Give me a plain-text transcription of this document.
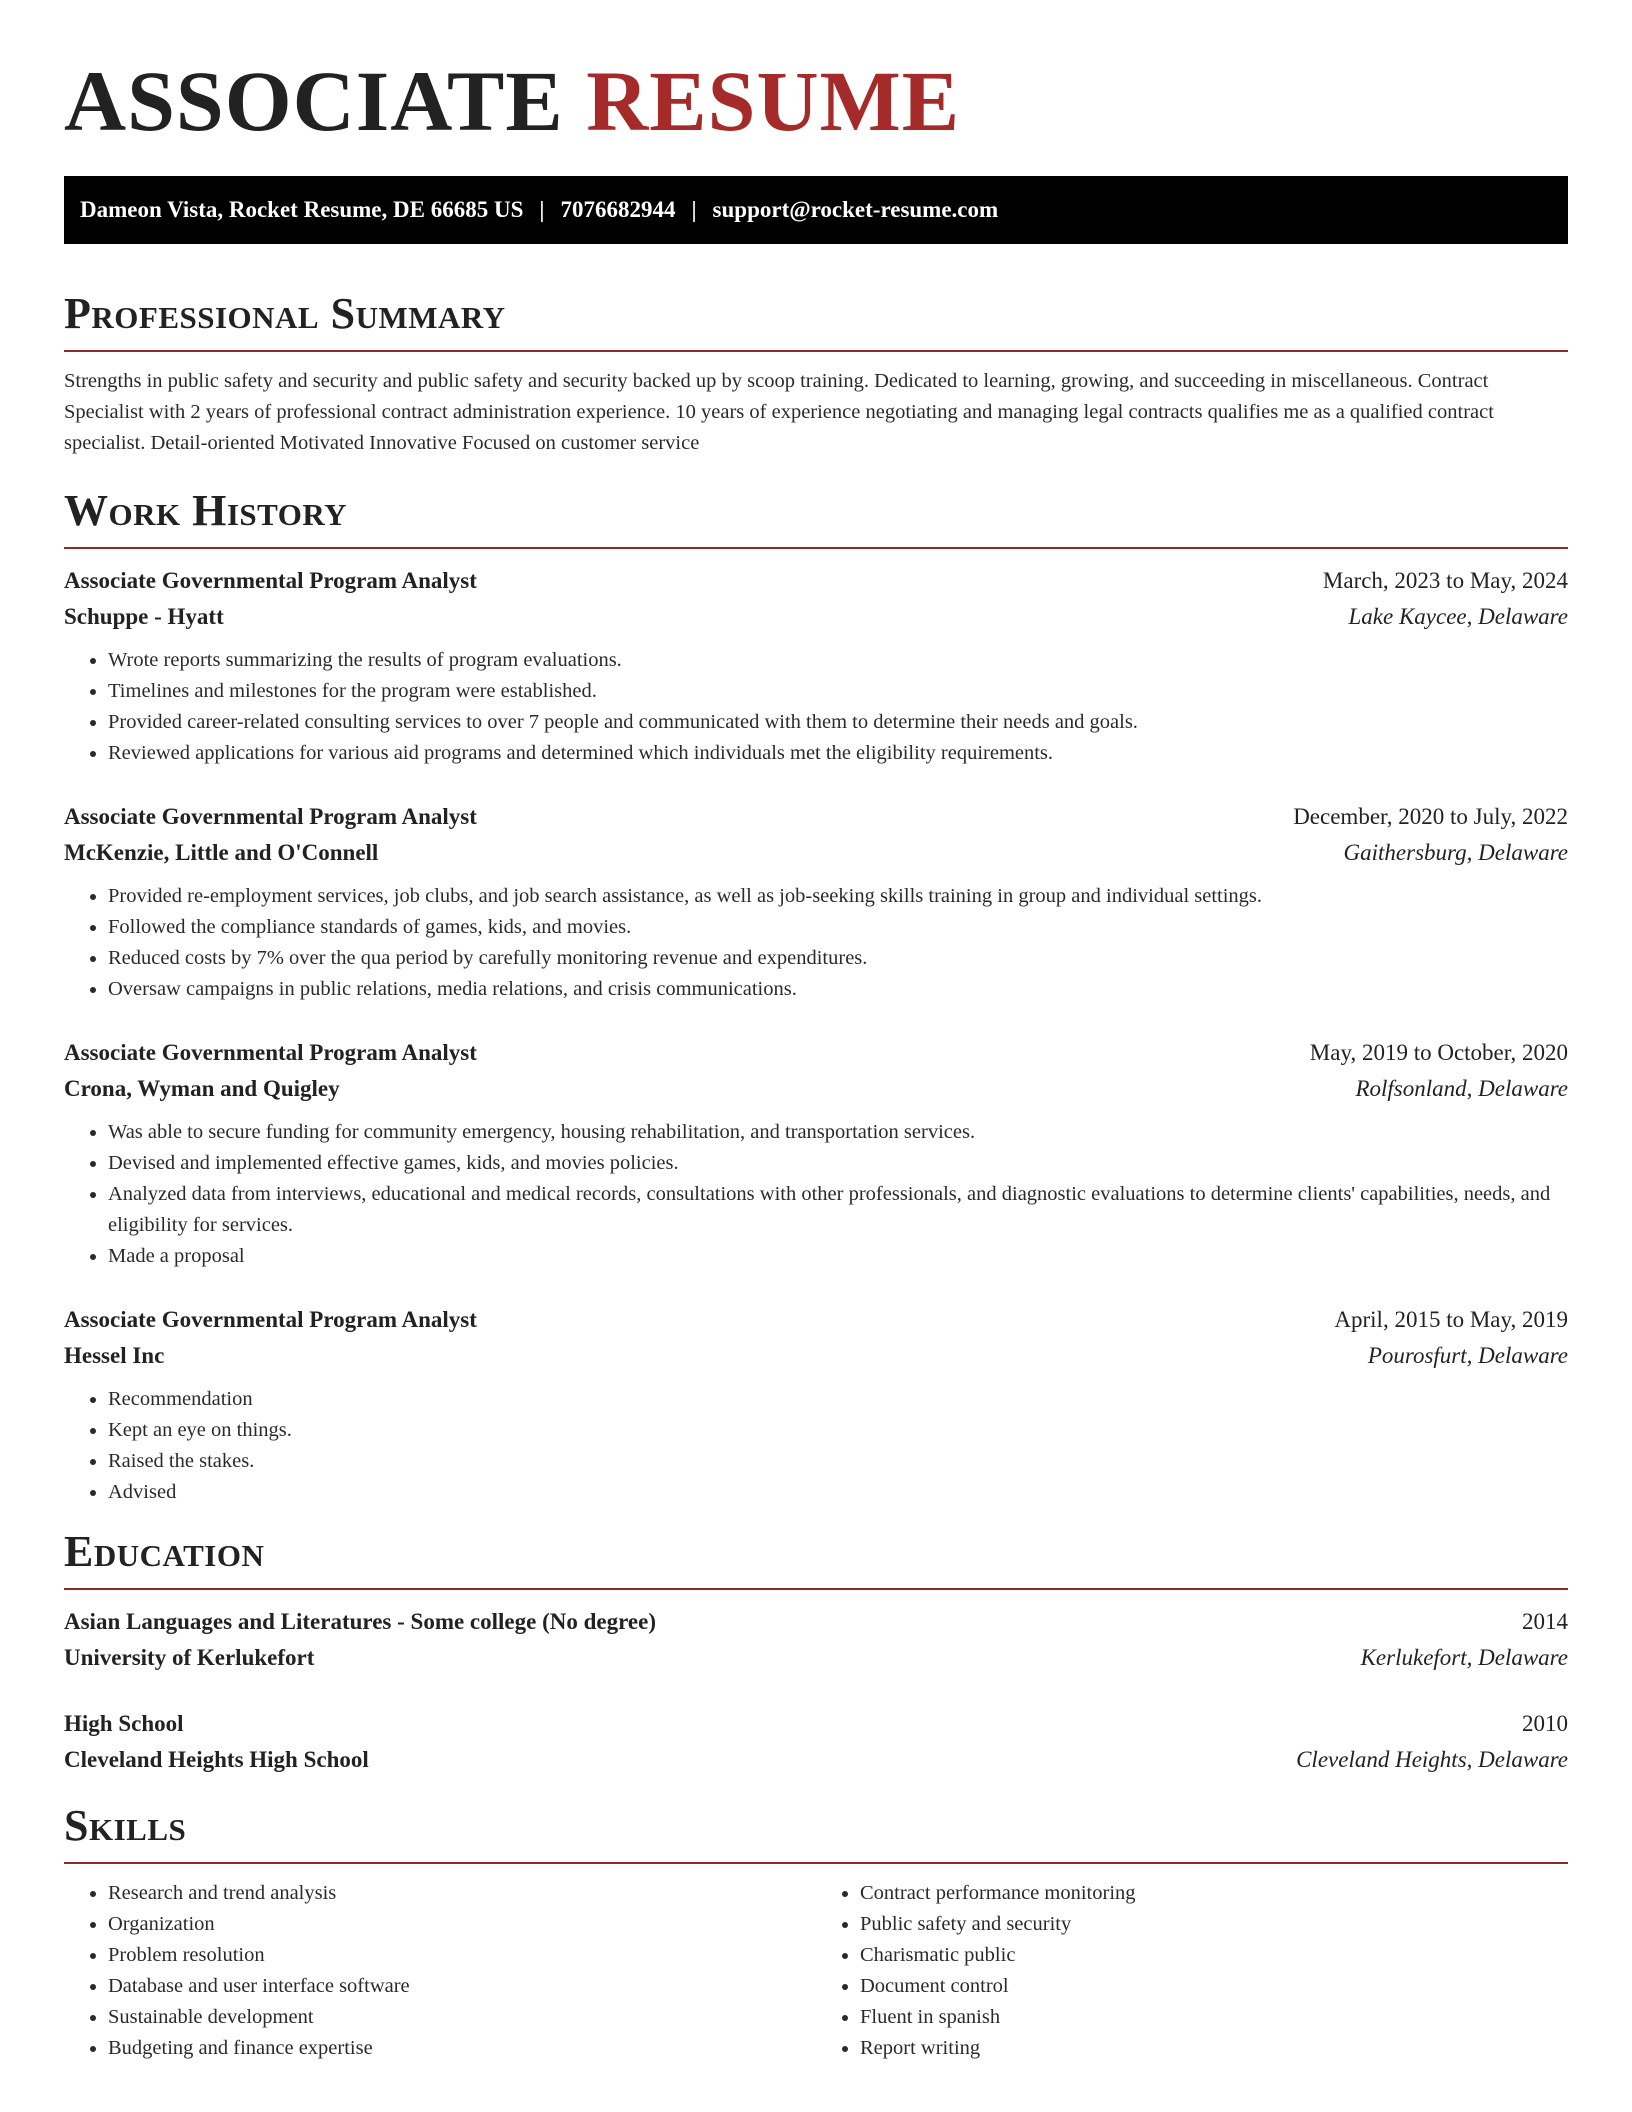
ASSOCIATE RESUME
Dameon Vista, Rocket Resume, DE 66685 US | 7076682944 | support@rocket-resume.com
Professional Summary

Strengths in public safety and security and public safety and security backed up by scoop training. Dedicated to learning, growing, and succeeding in miscellaneous. Contract Specialist with 2 years of professional contract administration experience. 10 years of experience negotiating and managing legal contracts qualifies me as a qualified contract specialist. Detail-oriented Motivated Innovative Focused on customer service

Work History
Associate Governmental Program Analyst	March, 2023 to May, 2024
Schuppe - Hyatt	Lake Kaycee, Delaware
• Wrote reports summarizing the results of program evaluations.
• Timelines and milestones for the program were established.
• Provided career-related consulting services to over 7 people and communicated with them to determine their needs and goals.
• Reviewed applications for various aid programs and determined which individuals met the eligibility requirements.
Associate Governmental Program Analyst	December, 2020 to July, 2022
McKenzie, Little and O'Connell	Gaithersburg, Delaware
• Provided re-employment services, job clubs, and job search assistance, as well as job-seeking skills training in group and individual settings.
• Followed the compliance standards of games, kids, and movies.
• Reduced costs by 7% over the qua period by carefully monitoring revenue and expenditures.
• Oversaw campaigns in public relations, media relations, and crisis communications.
Associate Governmental Program Analyst	May, 2019 to October, 2020
Crona, Wyman and Quigley	Rolfsonland, Delaware
• Was able to secure funding for community emergency, housing rehabilitation, and transportation services.
• Devised and implemented effective games, kids, and movies policies.
• Analyzed data from interviews, educational and medical records, consultations with other professionals, and diagnostic evaluations to determine clients' capabilities, needs, and eligibility for services.
• Made a proposal
Associate Governmental Program Analyst	April, 2015 to May, 2019
Hessel Inc	Pourosfurt, Delaware
• Recommendation
• Kept an eye on things.
• Raised the stakes.
• Advised
Education
Asian Languages and Literatures - Some college (No degree)	2014
University of Kerlukefort	Kerlukefort, Delaware
High School	2010
Cleveland Heights High School	Cleveland Heights, Delaware
Skills
• Research and trend analysis
• Organization
• Problem resolution
• Database and user interface software
• Sustainable development
• Budgeting and finance expertise
• Contract performance monitoring
• Public safety and security
• Charismatic public
• Document control
• Fluent in spanish
• Report writing
